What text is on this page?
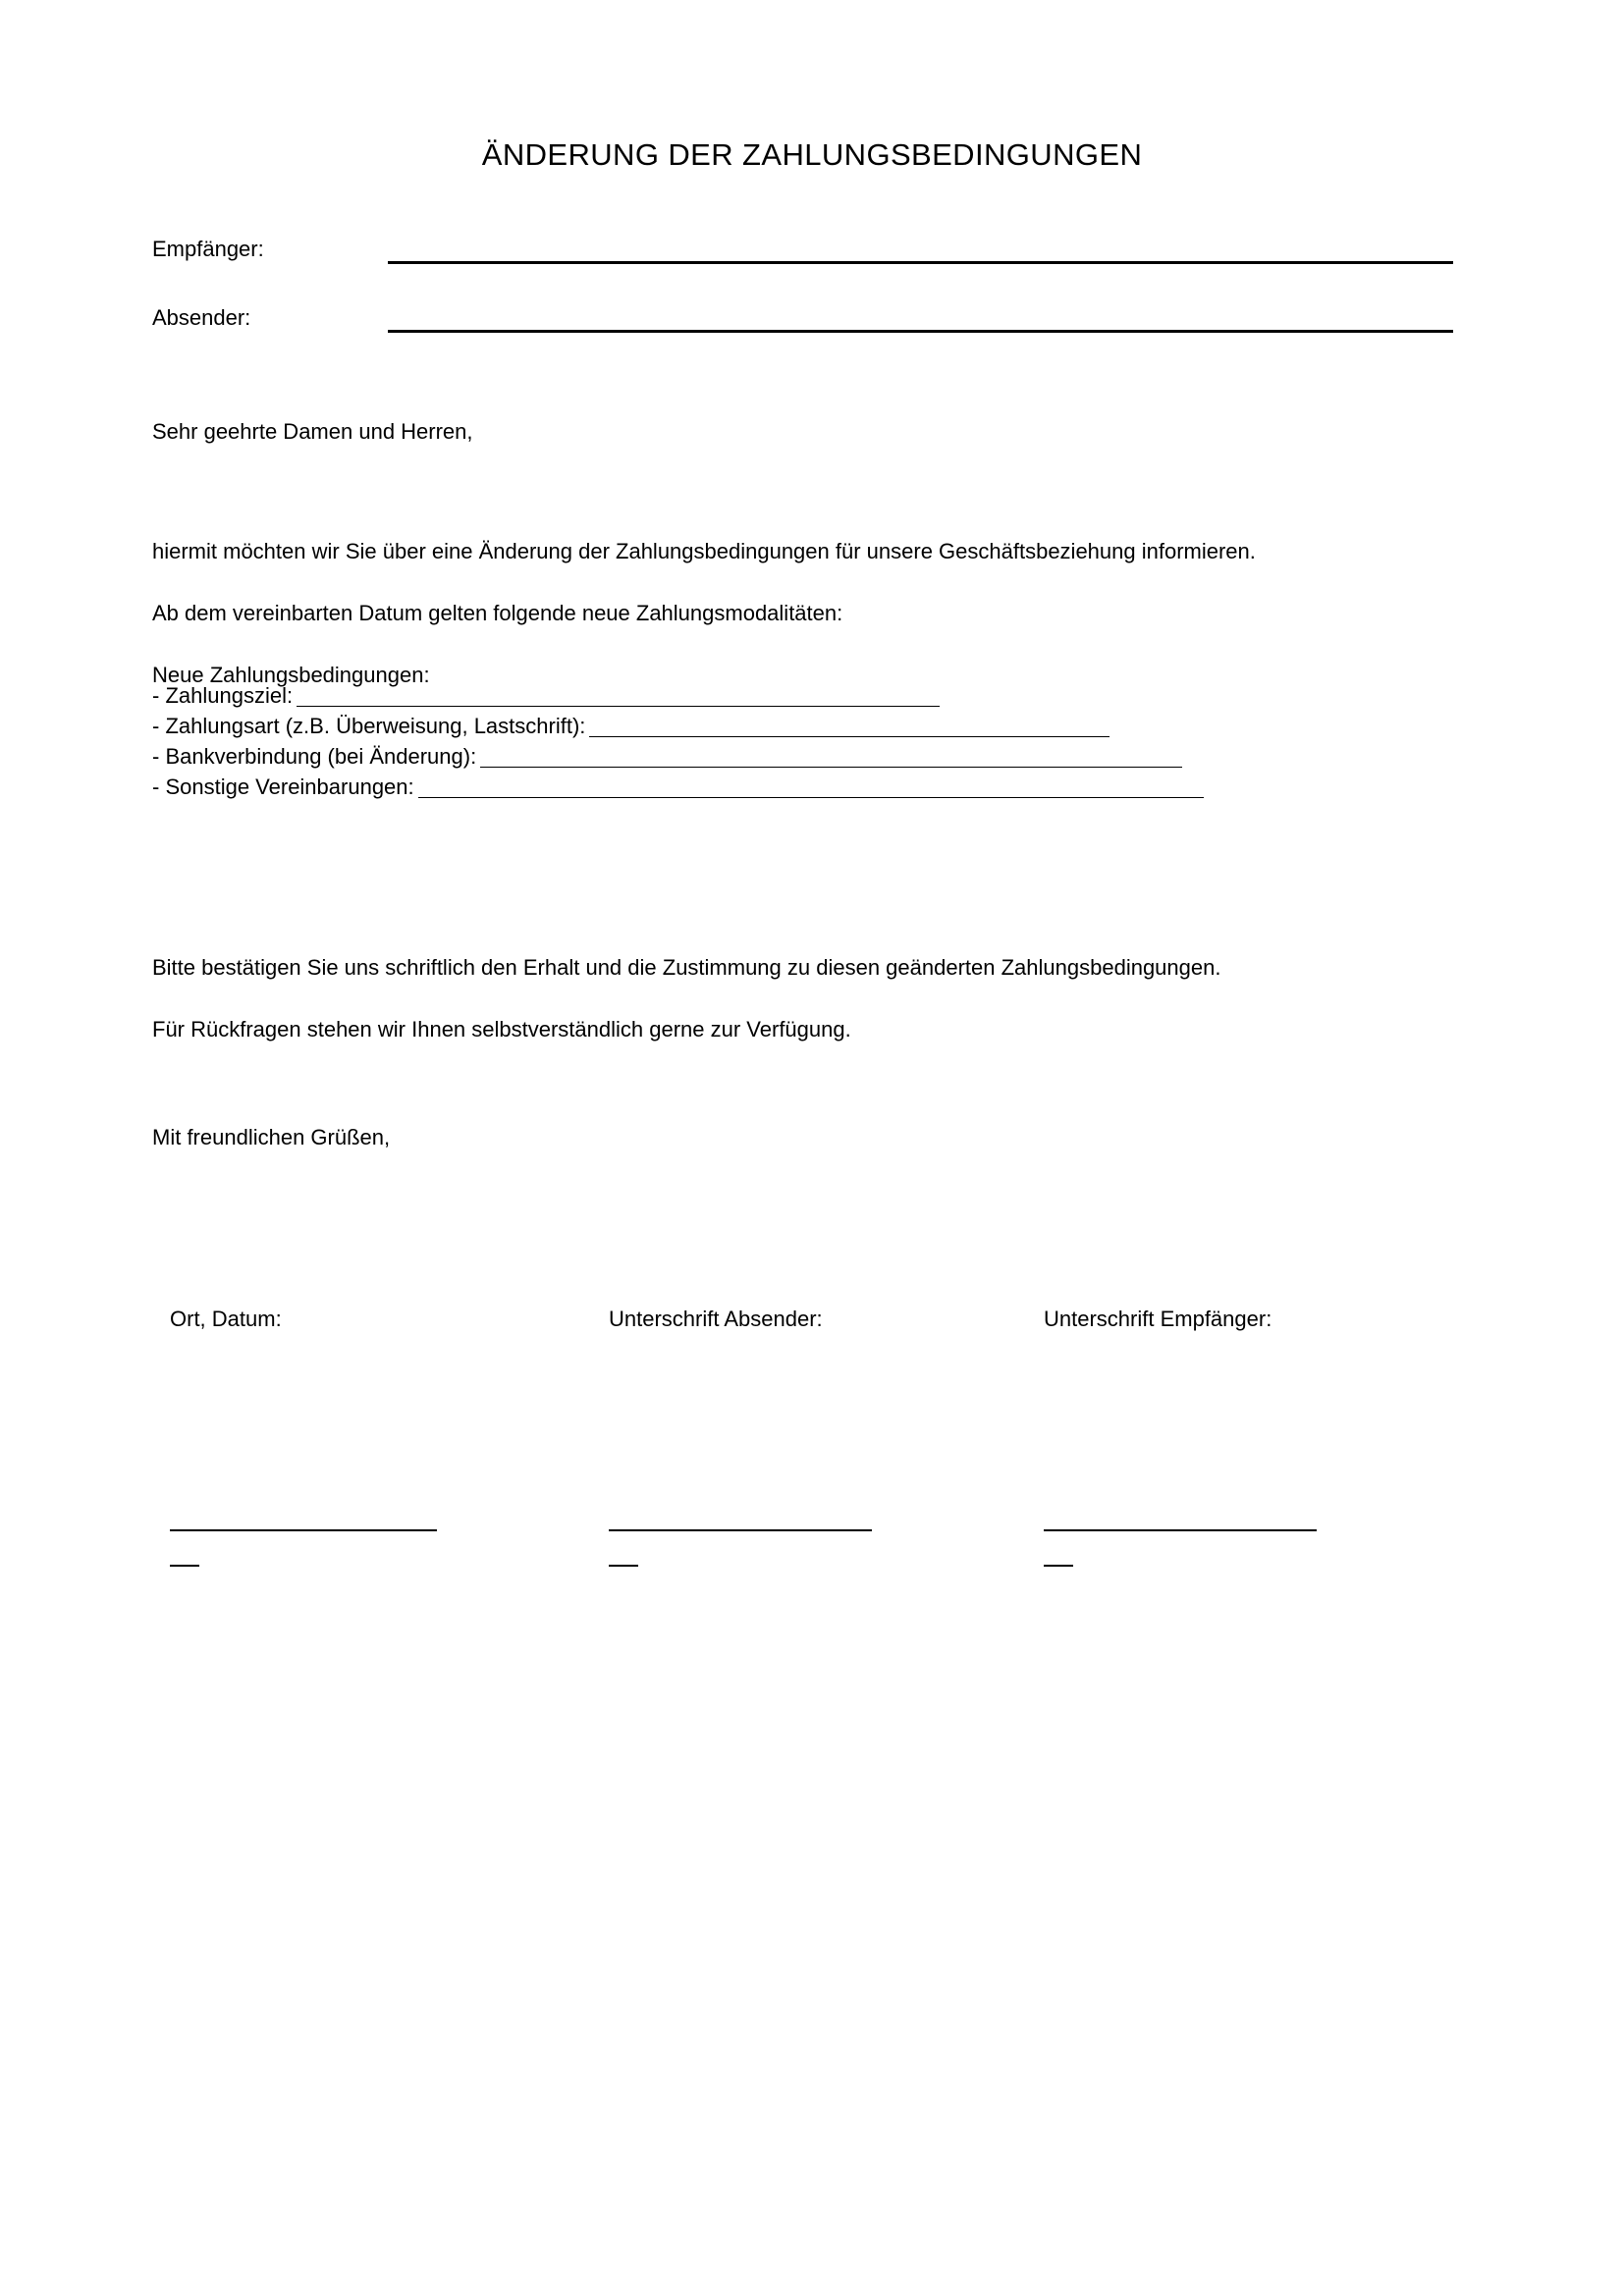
ÄNDERUNG DER ZAHLUNGSBEDINGUNGEN
Empfänger:
Absender:

Sehr geehrte Damen und Herren,

hiermit möchten wir Sie über eine Änderung der Zahlungsbedingungen für unsere Geschäftsbeziehung informieren.

Ab dem vereinbarten Datum gelten folgende neue Zahlungsmodalitäten:

Neue Zahlungsbedingungen:

- Zahlungsziel:
- Zahlungsart (z.B. Überweisung, Lastschrift):
- Bankverbindung (bei Änderung):
- Sonstige Vereinbarungen:

Bitte bestätigen Sie uns schriftlich den Erhalt und die Zustimmung zu diesen geänderten Zahlungsbedingungen.

Für Rückfragen stehen wir Ihnen selbstverständlich gerne zur Verfügung.

Mit freundlichen Grüßen,

Ort, Datum:	Unterschrift Absender:	Unterschrift Empfänger:
